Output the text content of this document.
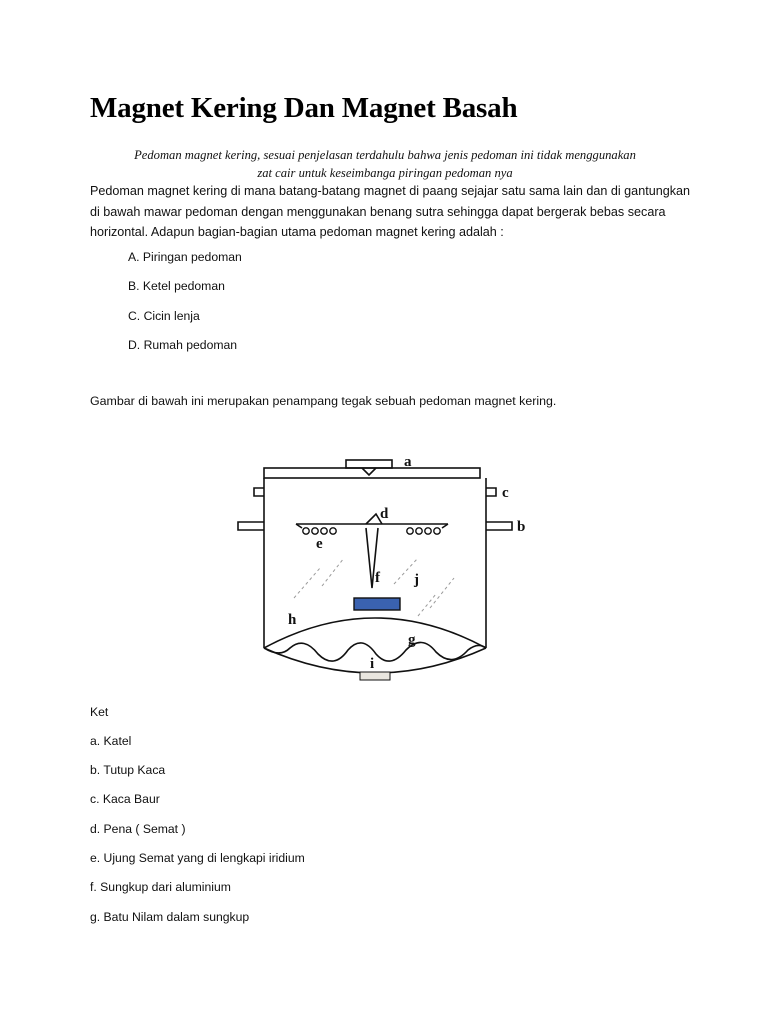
Magnet Kering Dan Magnet Basah

Pedoman magnet kering, sesuai penjelasan terdahulu bahwa jenis pedoman ini tidak menggunakan
zat cair untuk keseimbanga piringan pedoman nya

Pedoman magnet kering di mana batang-batang magnet di paang sejajar satu sama lain dan di gantungkan di bawah mawar pedoman dengan menggunakan benang sutra sehingga dapat bergerak bebas secara horizontal. Adapun bagian-bagian utama pedoman magnet kering adalah :

A. Piringan pedoman
B. Ketel pedoman
C. Cicin lenja
D. Rumah pedoman

Gambar di bawah ini merupakan penampang tegak sebuah pedoman magnet kering.

a
c
b
d
e
f j
h
g
i
Ket
a. Katel
b. Tutup Kaca
c. Kaca Baur
d. Pena ( Semat )
e. Ujung Semat yang di lengkapi iridium
f. Sungkup dari aluminium
g. Batu Nilam dalam sungkup
